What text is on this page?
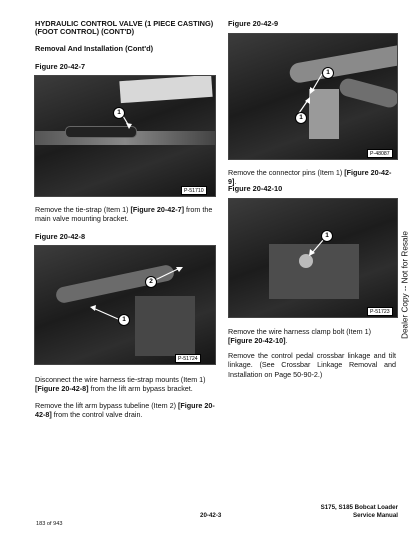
HYDRAULIC CONTROL VALVE (1 PIECE CASTING)
(FOOT CONTROL) (CONT'D)
Removal And Installation (Cont'd)
Figure 20-42-7
1
P-51710
Remove the tie-strap (Item 1) [Figure 20-42-7] from the main valve mounting bracket.
Figure 20-42-8
2
1
P-51724
Disconnect the wire harness tie-strap mounts (Item 1) [Figure 20-42-8] from the lift arm bypass bracket.
Remove the lift arm bypass tubeline (Item 2) [Figure 20-42-8] from the control valve drain.
Figure 20-42-9
1
1
P-48087
Remove the connector pins (Item 1) [Figure 20-42-9].
Figure 20-42-10
1
P-51723
Remove the wire harness clamp bolt (Item 1) [Figure 20-42-10].
Remove the control pedal crossbar linkage and tilt linkage. (See Crossbar Linkage Removal and Installation on Page 50-90-2.)
Dealer Copy -- Not for Resale
20-42-3
S175, S185 Bobcat Loader
Service Manual
183 of 943
